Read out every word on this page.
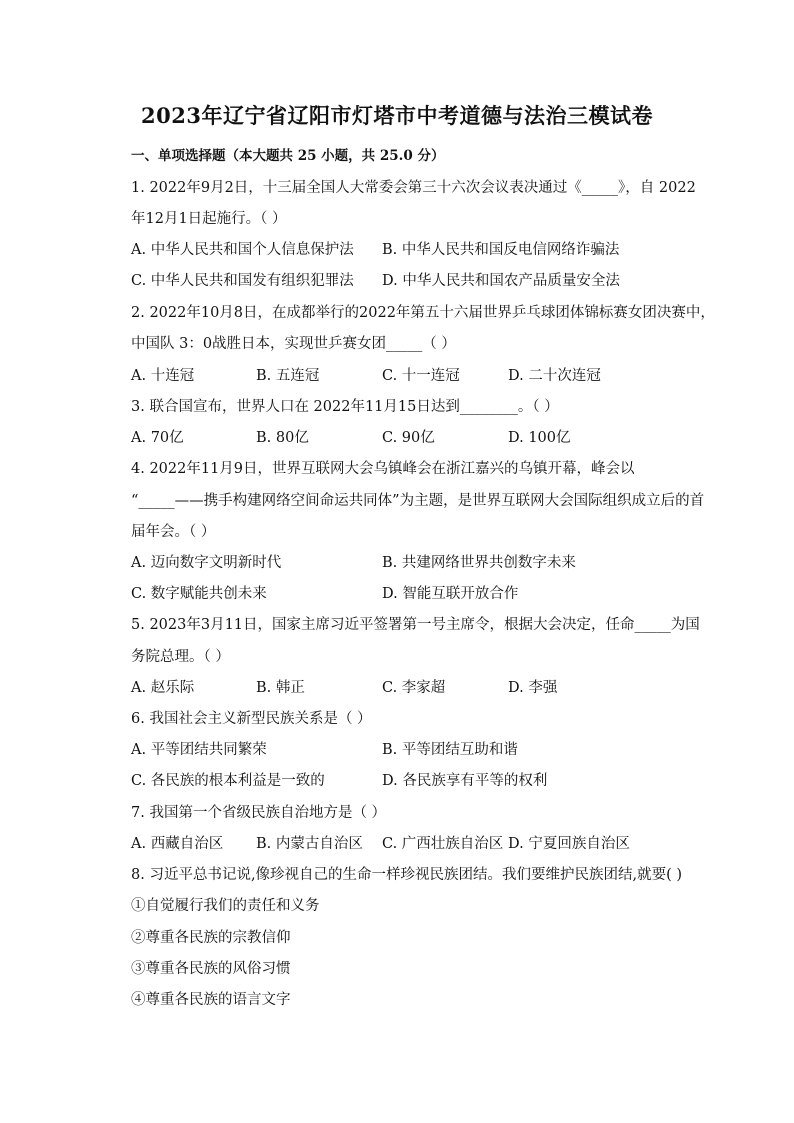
2023年辽宁省辽阳市灯塔市中考道德与法治三模试卷
一、单项选择题（本大题共 25 小题，共 25.0 分）
1. 2022年9月2日，十三届全国人大常委会第三十六次会议表决通过《_____》，自 2022
年12月1日起施行。（ ）
A. 中华人民共和国个人信息保护法 B. 中华人民共和国反电信网络诈骗法
C. 中华人民共和国发有组织犯罪法 D. 中华人民共和国农产品质量安全法
2. 2022年10月8日，在成都举行的2022年第五十六届世界乒乓球团体锦标赛女团决赛中，
中国队 3：0战胜日本，实现世乒赛女团_____（ ）
A. 十连冠	B. 五连冠	C. 十一连冠	D. 二十次连冠
3. 联合国宣布，世界人口在 2022年11月15日达到________。（ ）
A. 70亿	B. 80亿	C. 90亿	D. 100亿
4. 2022年11月9日，世界互联网大会乌镇峰会在浙江嘉兴的乌镇开幕，峰会以
“_____——携手构建网络空间命运共同体”为主题，是世界互联网大会国际组织成立后的首
届年会。（ ）
A. 迈向数字文明新时代	B. 共建网络世界共创数字未来
C. 数字赋能共创未来	D. 智能互联开放合作
5. 2023年3月11日，国家主席习近平签署第一号主席令，根据大会决定，任命_____为国
务院总理。（ ）
A. 赵乐际	B. 韩正	C. 李家超	D. 李强
6. 我国社会主义新型民族关系是（ ）
A. 平等团结共同繁荣	B. 平等团结互助和谐
C. 各民族的根本利益是一致的	D. 各民族享有平等的权利
7. 我国第一个省级民族自治地方是（ ）
A. 西藏自治区 B. 内蒙古自治区 C. 广西壮族自治区 D. 宁夏回族自治区
8. 习近平总书记说,像珍视自己的生命一样珍视民族团结。我们要维护民族团结,就要( )
①自觉履行我们的责任和义务
②尊重各民族的宗教信仰
③尊重各民族的风俗习惯
④尊重各民族的语言文字
